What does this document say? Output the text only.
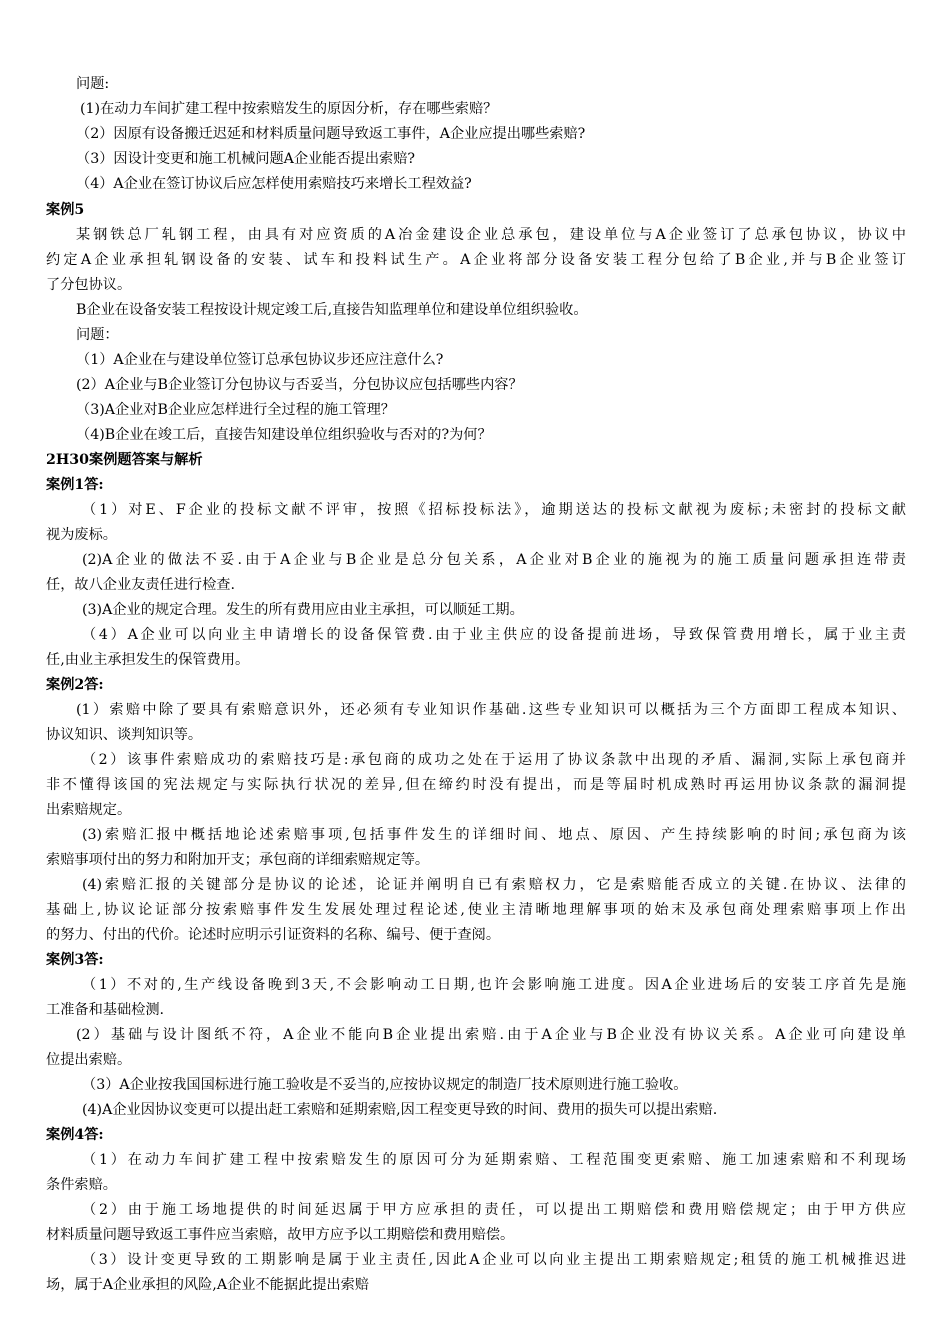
问题:
(1)在动力车间扩建工程中按索赔发生的原因分析，存在哪些索赔？
（2）因原有设备搬迁迟延和材料质量问题导致返工事件，A企业应提出哪些索赔?
（3）因设计变更和施工机械问题A企业能否提出索赔?
（4）A企业在签订协议后应怎样使用索赔技巧来增长工程效益?
案例5
某钢铁总厂轧钢工程，由具有对应资质的A冶金建设企业总承包，建设单位与A企业签订了总承包协议，协议中
约定A企业承担轧钢设备的安装、试车和投料试生产。A企业将部分设备安装工程分包给了B企业,并与B企业签订
了分包协议。
B企业在设备安装工程按设计规定竣工后,直接告知监理单位和建设单位组织验收。
问题：
（1）A企业在与建设单位签订总承包协议步还应注意什么?
(2）A企业与B企业签订分包协议与否妥当，分包协议应包括哪些内容？
（3)A企业对B企业应怎样进行全过程的施工管理？
（4)B企业在竣工后，直接告知建设单位组织验收与否对的?为何？
2H30案例题答案与解析
案例1答:
（1）对E、F企业的投标文献不评审，按照《招标投标法》，逾期送达的投标文献视为废标;未密封的投标文献
视为废标。
(2)A企业的做法不妥.由于A企业与B企业是总分包关系，A企业对B企业的施视为的施工质量问题承担连带责
任，故八企业友责任进行检查.
(3)A企业的规定合理。发生的所有费用应由业主承担，可以顺延工期。
（4）A企业可以向业主申请增长的设备保管费.由于业主供应的设备提前进场，导致保管费用增长，属于业主责
任,由业主承担发生的保管费用。
案例2答:
(1）索赔中除了要具有索赔意识外，还必须有专业知识作基础.这些专业知识可以概括为三个方面即工程成本知识、
协议知识、谈判知识等。
（2）该事件索赔成功的索赔技巧是:承包商的成功之处在于运用了协议条款中出现的矛盾、漏洞,实际上承包商并
非不懂得该国的宪法规定与实际执行状况的差异,但在缔约时没有提出，而是等届时机成熟时再运用协议条款的漏洞提
出索赔规定。
(3)索赔汇报中概括地论述索赔事项,包括事件发生的详细时间、地点、原因、产生持续影响的时间;承包商为该
索赔事项付出的努力和附加开支；承包商的详细索赔规定等。
(4)索赔汇报的关键部分是协议的论述，论证并阐明自已有索赔权力，它是索赔能否成立的关键.在协议、法律的
基础上,协议论证部分按索赔事件发生发展处理过程论述,使业主清晰地理解事项的始末及承包商处理索赔事项上作出
的努力、付出的代价。论述时应明示引证资料的名称、编号、便于查阅。
案例3答:
（1）不对的,生产线设备晚到3天,不会影响动工日期,也许会影响施工进度。因A企业进场后的安装工序首先是施
工准备和基础检测.
(2）基础与设计图纸不符，A企业不能向B企业提出索赔.由于A企业与B企业没有协议关系。A企业可向建设单
位提出索赔。
（3）A企业按我国国标进行施工验收是不妥当的,应按协议规定的制造厂技术原则进行施工验收。
(4)A企业因协议变更可以提出赶工索赔和延期索赔,因工程变更导致的时间、费用的损失可以提出索赔.
案例4答:
（1）在动力车间扩建工程中按索赔发生的原因可分为延期索赔、工程范围变更索赔、施工加速索赔和不利现场
条件索赔。
（2）由于施工场地提供的时间延迟属于甲方应承担的责任，可以提出工期赔偿和费用赔偿规定；由于甲方供应
材料质量问题导致返工事件应当索赔，故甲方应予以工期赔偿和费用赔偿。
（3）设计变更导致的工期影响是属于业主责任,因此A企业可以向业主提出工期索赔规定;租赁的施工机械推迟进
场，属于A企业承担的风险,A企业不能据此提出索赔
